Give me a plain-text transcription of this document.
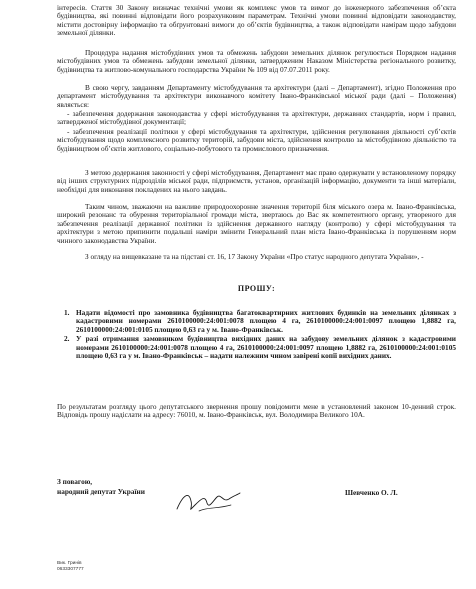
інтересів. Стаття 30 Закону визначає технічні умови як комплекс умов та вимог до інженерного забезпечення об’єкта будівництва, які повинні відповідати його розрахунковим параметрам. Технічні умови повинні відповідати законодавству, містити достовірну інформацію та обґрунтовані вимоги до об’єктів будівництва, а також відповідати намірам щодо забудови земельної ділянки.

Процедура надання містобудівних умов та обмежень забудови земельних ділянок регулюється Порядком надання містобудівних умов та обмежень забудови земельної ділянки, затвердженим Наказом Міністерства регіонального розвитку, будівництва та житлово-комунального господарства України № 109 від 07.07.2011 року.

В свою чергу, завданням Департаменту містобудування та архітектури (далі – Департамент), згідно Положення про департамент містобудування та архітектури виконавчого комітету Івано-Франківської міської ради (далі – Положення) являється:

- забезпечення додержання законодавства у сфері містобудування та архітектури, державних стандартів, норм і правил, затвердженої містобудівної документації;

- забезпечення реалізації політики у сфері містобудування та архітектури, здійснення регулювання діяльності суб’єктів містобудування щодо комплексного розвитку територій, забудови міста, здійснення контролю за містобудівною діяльністю та будівництвом об’єктів житлового, соціально-побутового та промислового призначення.

З метою додержання законності у сфері містобудування, Департамент має право одержувати у встановленому порядку від інших структурних підрозділів міської ради, підприємств, установ, організацій інформацію, документи та інші матеріали, необхідні для виконання покладених на нього завдань.

Таким чином, зважаючи на важливе природоохоронне значення території біля міського озера м. Івано-Франківська, широкий резонанс та обурення територіальної громади міста, звертаюсь до Вас як компетентного органу, утвореного для забезпечення реалізації державної політики із здійснення державного нагляду (контролю) у сфері містобудування та архітектури з метою припинити подальші наміри змінити Генеральний план міста Івано-Франківська із порушенням норм чинного законодавства України.

З огляду на вищевказане та на підставі ст. 16, 17 Закону України «Про статус народного депутата України», -

ПРОШУ:

1. Надати відомості про замовника будівництва багатоквартирних житлових будинків на земельних ділянках з кадастровими номерами 2610100000:24:001:0078 площею 4 га, 2610100000:24:001:0097 площею 1,8882 га, 2610100000:24:001:0105 площею 0,63 га у м. Івано-Франківськ.
2. У разі отримання замовником будівництва вихідних даних на забудову земельних ділянок з кадастровими номерами 2610100000:24:001:0078 площею 4 га, 2610100000:24:001:0097 площею 1,8882 га, 2610100000:24:001:0105 площею 0,63 га у м. Івано-Франківськ – надати належним чином завірені копії вихідних даних.

По результатам розгляду цього депутатського звернення прошу повідомити мене в установлений законом 10-денний строк. Відповідь прошу надіслати на адресу: 76010, м. Івано-Франківськ, вул. Володимира Великого 10А.

З повагою,
народний депутат України	Шевченко О. Л.
Вик. Гринів
0633307777
